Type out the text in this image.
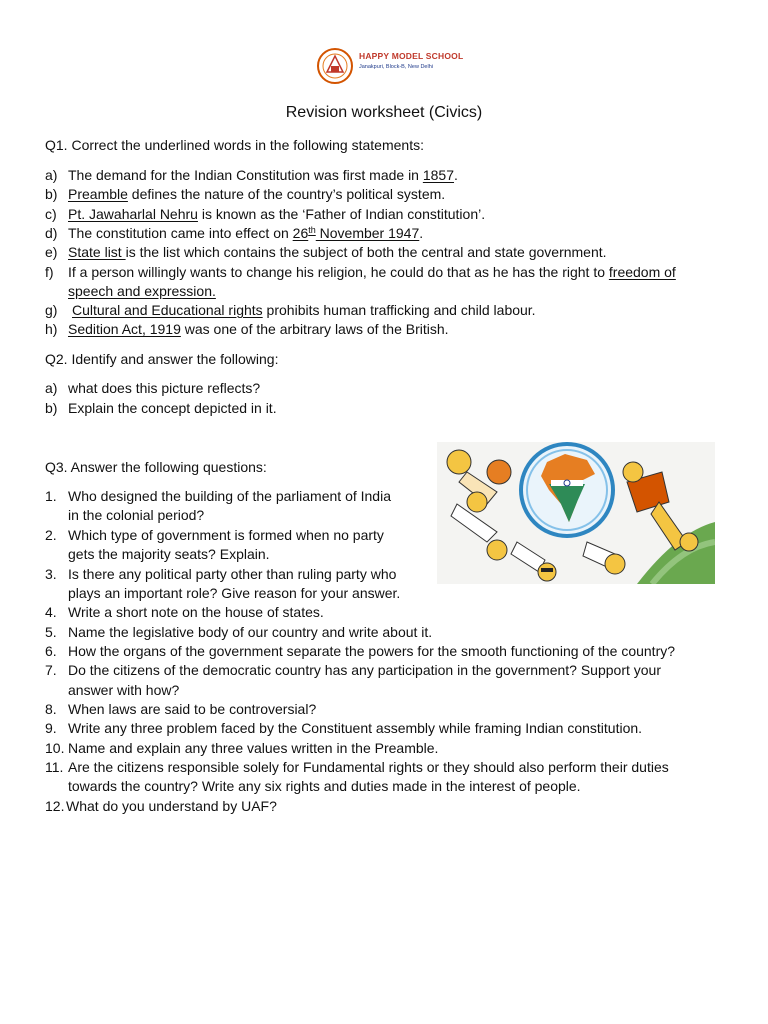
HAPPY MODEL SCHOOL
Janakpuri, Block-B, New Delhi
Revision worksheet (Civics)
Q1. Correct the underlined words in the following statements:
a) The demand for the Indian Constitution was first made in 1857.
b) Preamble defines the nature of the country’s political system.
c) Pt. Jawaharlal Nehru is known as the ‘Father of Indian constitution’.
d) The constitution came into effect on 26th November 1947.
e) State list is the list which contains the subject of both the central and state government.
f)	If a person willingly wants to change his religion, he could do that as he has the right to freedom of
speech and expression.
g)	Cultural and Educational rights prohibits human trafficking and child labour.
h) Sedition Act, 1919 was one of the arbitrary laws of the British.
Q2. Identify and answer the following:
a) what does this picture reflects?
b) Explain the concept depicted in it.
Q3. Answer the following questions:
1. Who designed the building of the parliament of India
in the colonial period?
2. Which type of government is formed when no party
gets the majority seats? Explain.
3. Is there any political party other than ruling party who
plays an important role? Give reason for your answer.
4. Write a short note on the house of states.
5. Name the legislative body of our country and write about it.
6. How the organs of the government separate the powers for the smooth functioning of the country?
7. Do the citizens of the democratic country has any participation in the government? Support your
answer with how?
8. When laws are said to be controversial?
9. Write any three problem faced by the Constituent assembly while framing Indian constitution.
10. Name and explain any three values written in the Preamble.
11. Are the citizens responsible solely for Fundamental rights or they should also perform their duties
towards the country? Write any six rights and duties made in the interest of people.
12. What do you understand by UAF?
